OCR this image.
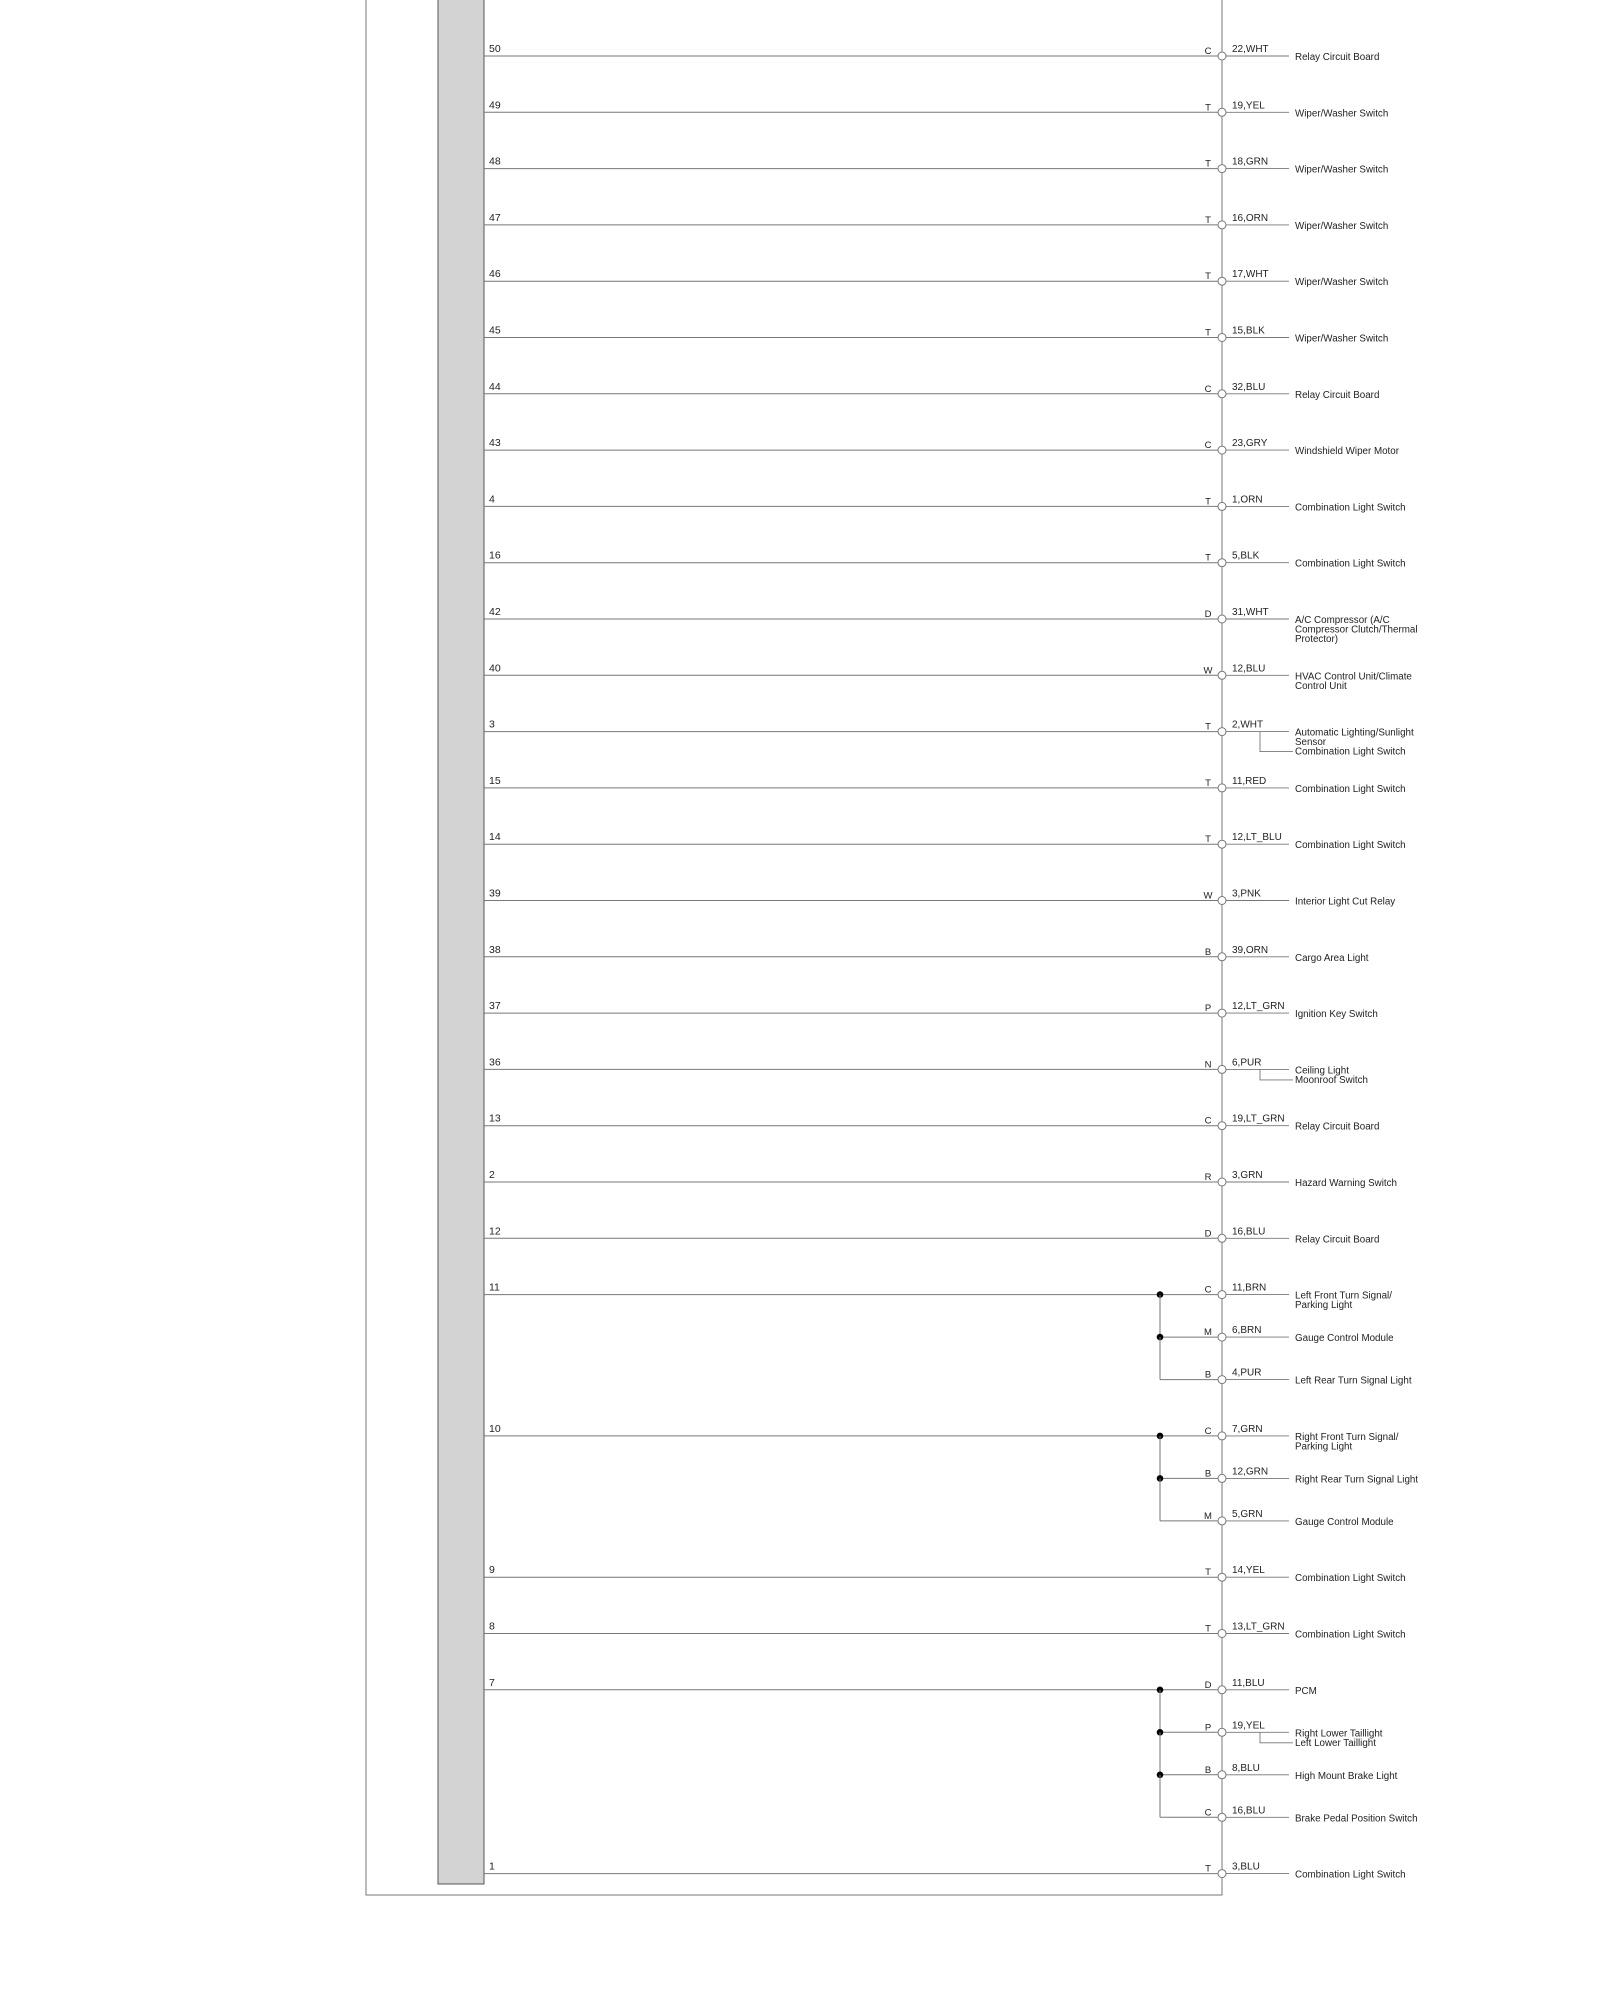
50	C 22,WHT
Relay Circuit Board
49	T 19,YEL
Wiper/Washer Switch
48	T 18,GRN
Wiper/Washer Switch
47	T 16,ORN
Wiper/Washer Switch
46	T 17,WHT
Wiper/Washer Switch
45	T 15,BLK
Wiper/Washer Switch
44	C 32,BLU
Relay Circuit Board
43	C 23,GRY
Windshield Wiper Motor
4	T 1,ORN
Combination Light Switch
16	T 5,BLK
Combination Light Switch
42	D 31,WHT
A/C Compressor (A/C
Compressor Clutch/Thermal
Protector)
40	W 12,BLU
HVAC Control Unit/Climate
Control Unit
3	T 2,WHT
Automatic Lighting/Sunlight
Sensor
Combination Light Switch
15	T 11,RED
Combination Light Switch
14	T 12,LT_BLU
Combination Light Switch
39	W 3,PNK
Interior Light Cut Relay
38	B 39,ORN
Cargo Area Light
37	P 12,LT_GRN
Ignition Key Switch
36	N 6,PUR
Ceiling Light
Moonroof Switch
13	C 19,LT_GRN
Relay Circuit Board
2	R 3,GRN
Hazard Warning Switch
12	D 16,BLU
Relay Circuit Board
11	C 11,BRN
Left Front Turn Signal/
Parking Light
M 6,BRN
Gauge Control Module
B 4,PUR
Left Rear Turn Signal Light
10	C 7,GRN
Right Front Turn Signal/
Parking Light
B 12,GRN
Right Rear Turn Signal Light
M 5,GRN
Gauge Control Module
9	T 14,YEL
Combination Light Switch
8	T 13,LT_GRN
Combination Light Switch
7	D 11,BLU
PCM
P 19,YEL
Right Lower Taillight
Left Lower Taillight
B 8,BLU
High Mount Brake Light
C 16,BLU
Brake Pedal Position Switch
1	T 3,BLU
Combination Light Switch
